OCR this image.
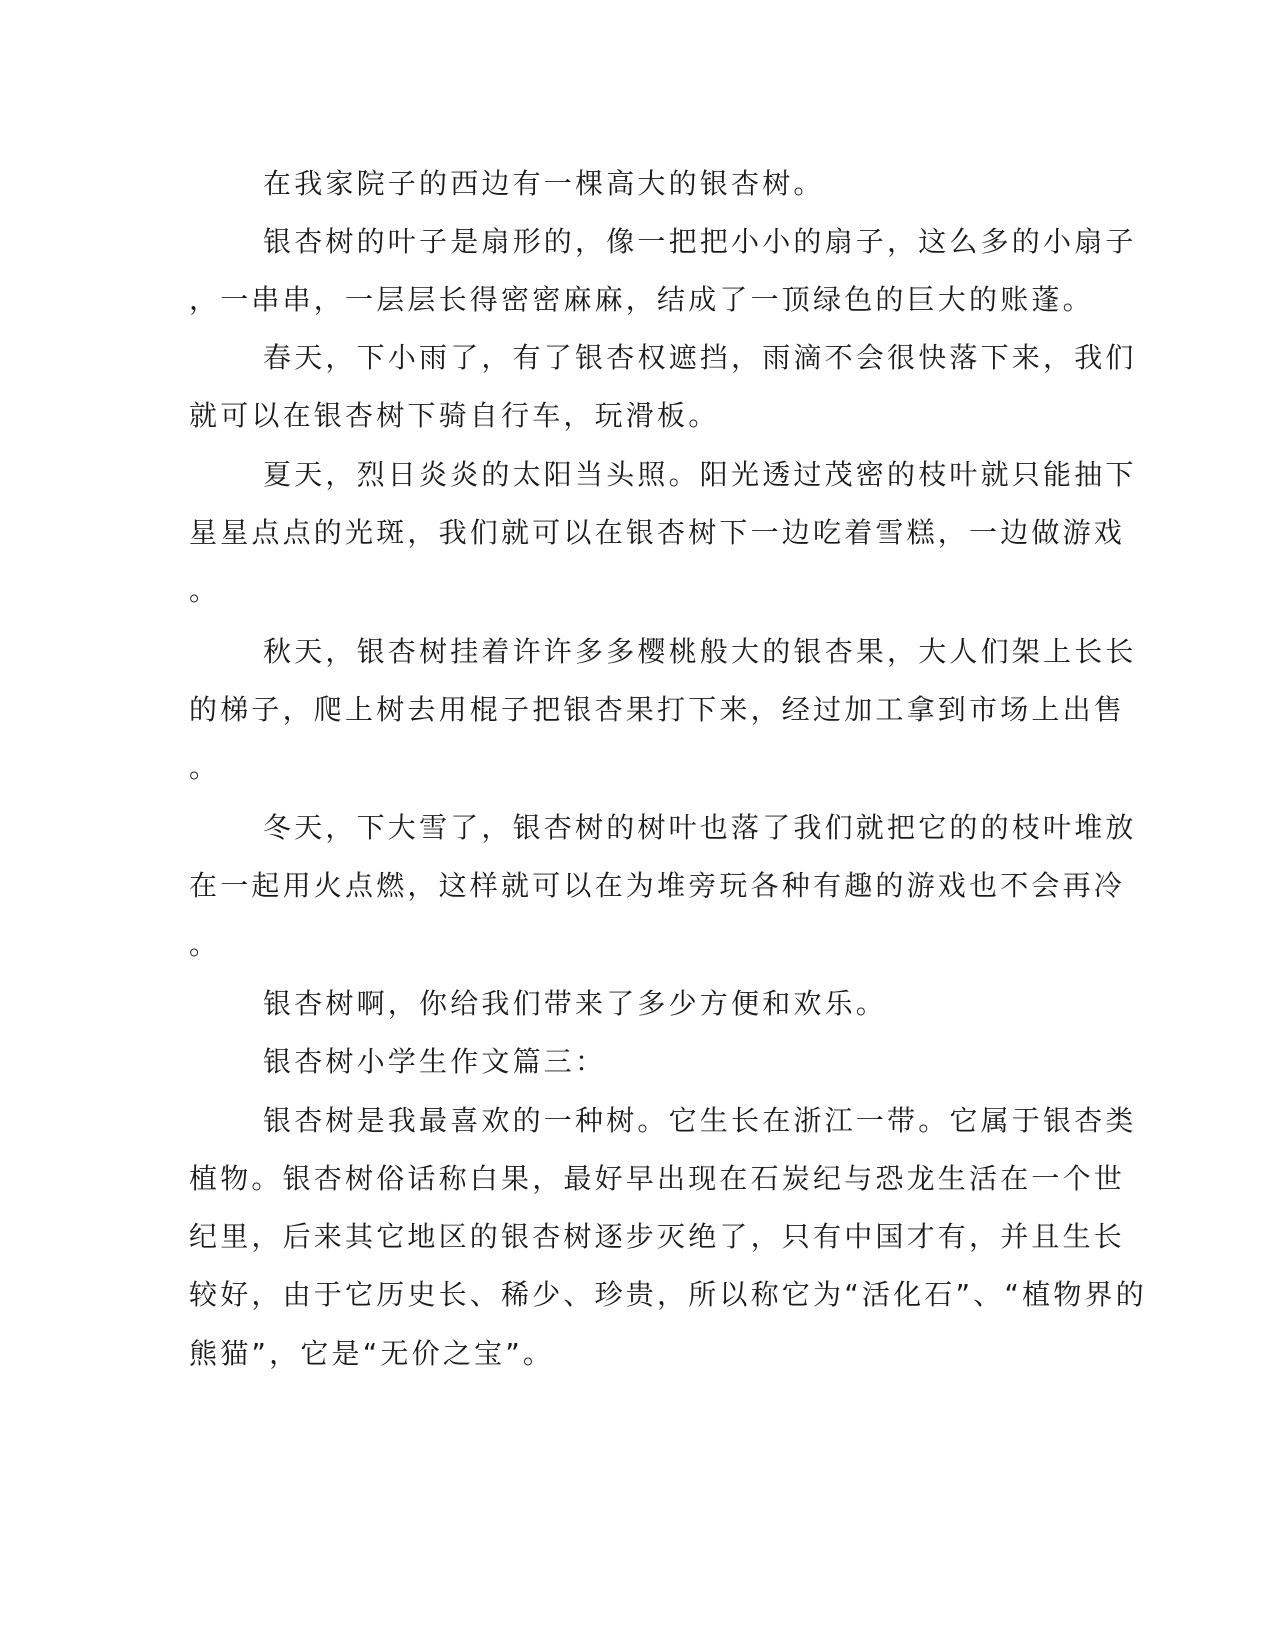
在我家院子的西边有一棵高大的银杏树。
银杏树的叶子是扇形的，像一把把小小的扇子，这么多的小扇子
，一串串，一层层长得密密麻麻，结成了一顶绿色的巨大的账蓬。
春天，下小雨了，有了银杏权遮挡，雨滴不会很快落下来，我们
就可以在银杏树下骑自行车，玩滑板。
夏天，烈日炎炎的太阳当头照。阳光透过茂密的枝叶就只能抽下
星星点点的光斑，我们就可以在银杏树下一边吃着雪糕，一边做游戏
。
秋天，银杏树挂着许许多多樱桃般大的银杏果，大人们架上长长
的梯子，爬上树去用棍子把银杏果打下来，经过加工拿到市场上出售
。
冬天，下大雪了，银杏树的树叶也落了我们就把它的的枝叶堆放
在一起用火点燃，这样就可以在为堆旁玩各种有趣的游戏也不会再冷
。
银杏树啊，你给我们带来了多少方便和欢乐。
银杏树小学生作文篇三：
银杏树是我最喜欢的一种树。它生长在浙江一带。它属于银杏类
植物。银杏树俗话称白果，最好早出现在石炭纪与恐龙生活在一个世
纪里，后来其它地区的银杏树逐步灭绝了，只有中国才有，并且生长
较好，由于它历史长、稀少、珍贵，所以称它为“活化石”、“植物界的
熊猫”，它是“无价之宝”。
